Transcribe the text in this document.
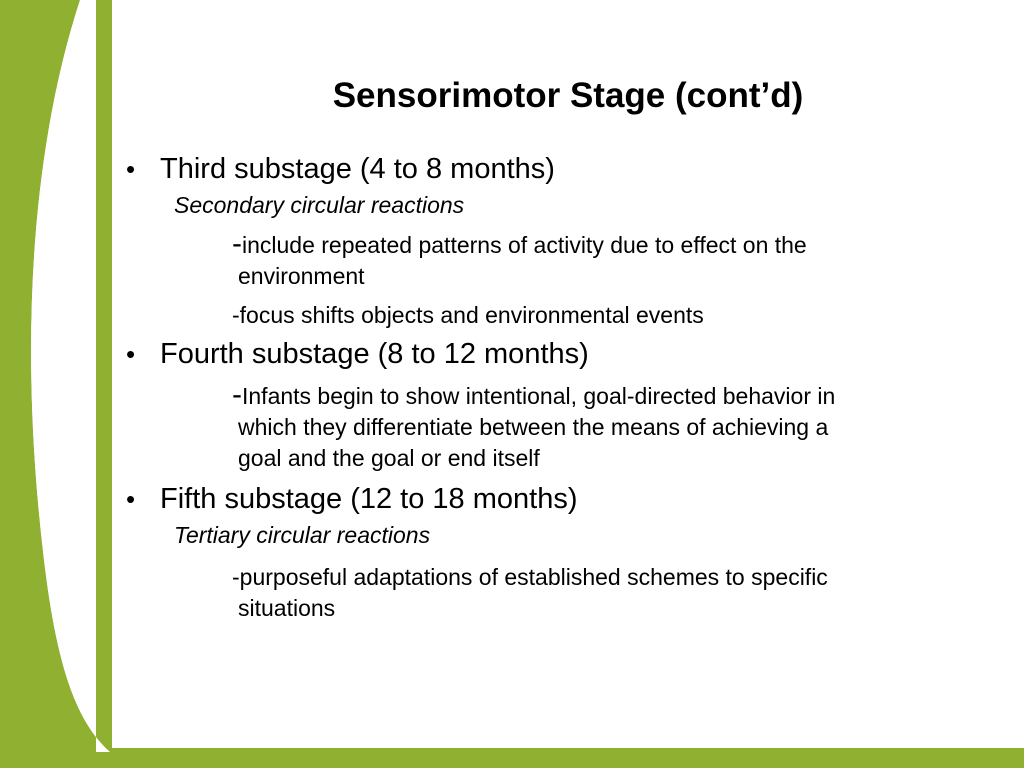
Sensorimotor Stage (cont’d)
• Third substage (4 to 8 months)
Secondary circular reactions
-include repeated patterns of activity due to effect on the
environment
-focus shifts objects and environmental events
• Fourth substage (8 to 12 months)
-Infants begin to show intentional, goal-directed behavior in
which they differentiate between the means of achieving a
goal and the goal or end itself
• Fifth substage (12 to 18 months)
Tertiary circular reactions
-purposeful adaptations of established schemes to specific
situations
